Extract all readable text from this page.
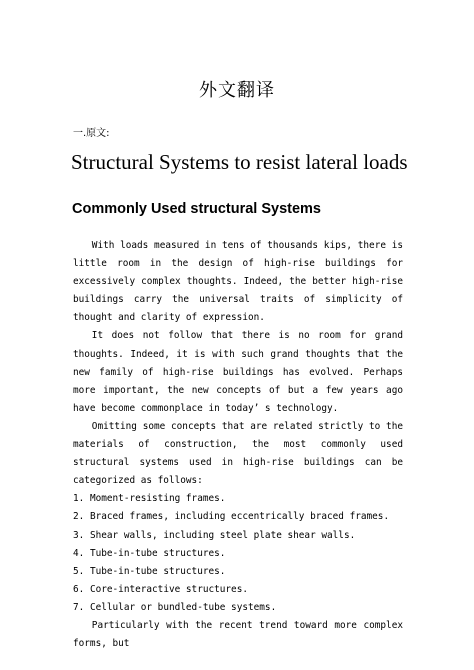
外文翻译
一.原文:
Structural Systems to resist lateral loads
Commonly Used structural Systems

With loads measured in tens of thousands kips, there is little room in the design of high-rise buildings for excessively complex thoughts. Indeed, the better high-rise buildings carry the universal traits of simplicity of thought and clarity of expression.

It does not follow that there is no room for grand thoughts. Indeed, it is with such grand thoughts that the new family of high-rise buildings has evolved. Perhaps more important, the new concepts of but a few years ago have become commonplace in today’ s technology.

Omitting some concepts that are related strictly to the materials of construction, the most commonly used structural systems used in high-rise buildings can be categorized as follows:

1. Moment-resisting frames.
2. Braced frames, including eccentrically braced frames.
3. Shear walls, including steel plate shear walls.
4. Tube-in-tube structures.
5. Tube-in-tube structures.
6. Core-interactive structures.
7. Cellular or bundled-tube systems.

Particularly with the recent trend toward more complex forms, but
